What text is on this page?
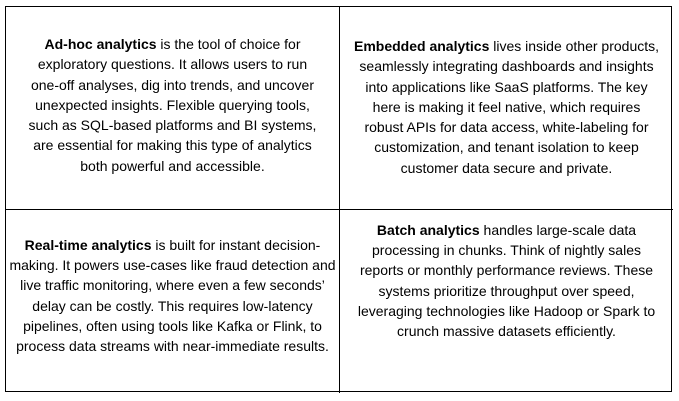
Ad-hoc analytics is the tool of choice for exploratory questions. It allows users to run one-off analyses, dig into trends, and uncover unexpected insights. Flexible querying tools, such as SQL-based platforms and BI systems, are essential for making this type of analytics both powerful and accessible.

Embedded analytics lives inside other products, seamlessly integrating dashboards and insights into applications like SaaS platforms. The key here is making it feel native, which requires robust APIs for data access, white-labeling for customization, and tenant isolation to keep customer data secure and private.

Real-time analytics is built for instant decision-making. It powers use-cases like fraud detection and live traffic monitoring, where even a few seconds’ delay can be costly. This requires low-latency pipelines, often using tools like Kafka or Flink, to process data streams with near-immediate results.

Batch analytics handles large-scale data processing in chunks. Think of nightly sales reports or monthly performance reviews. These systems prioritize throughput over speed, leveraging technologies like Hadoop or Spark to crunch massive datasets efficiently.
